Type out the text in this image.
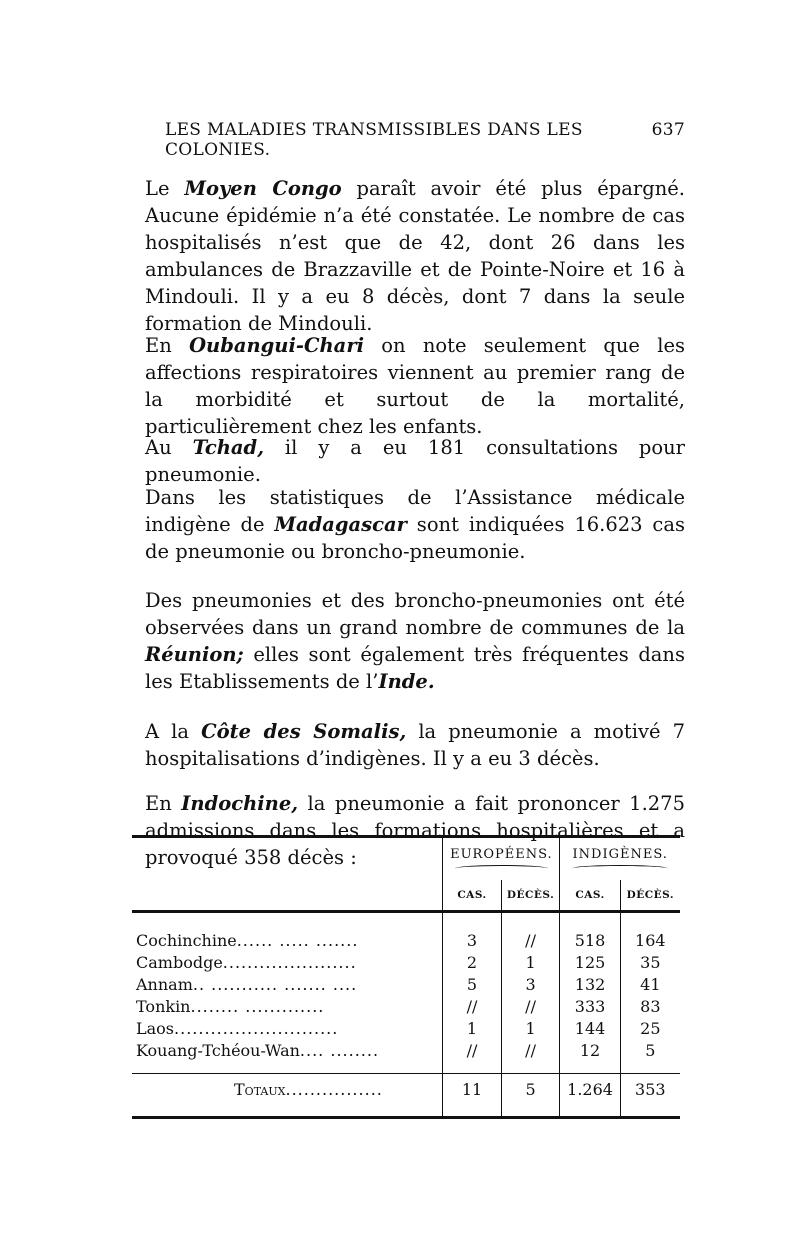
LES MALADIES TRANSMISSIBLES DANS LES COLONIES.
637

Le Moyen Congo paraît avoir été plus épargné. Aucune épidémie n’a été constatée. Le nombre de cas hospitalisés n’est que de 42, dont 26 dans les ambulances de Brazzaville et de Pointe-Noire et 16 à Mindouli. Il y a eu 8 décès, dont 7 dans la seule formation de Mindouli.

En Oubangui-Chari on note seulement que les affections respiratoires viennent au premier rang de la morbidité et surtout de la mortalité, particulièrement chez les enfants.

Au Tchad, il y a eu 181 consultations pour pneumonie.

Dans les statistiques de l’Assistance médicale indigène de Madagascar sont indiquées 16.623 cas de pneumonie ou broncho-pneumonie.

Des pneumonies et des broncho-pneumonies ont été observées dans un grand nombre de communes de la Réunion; elles sont également très fréquentes dans les Etablissements de l’Inde.

A la Côte des Somalis, la pneumonie a motivé 7 hospitalisations d’indigènes. Il y a eu 3 décès.

En Indochine, la pneumonie a fait prononcer 1.275 admissions dans les formations hospitalières et a provoqué 358 décès :

		EUROPÉENS.		INDIGÈNES.	

	CAS.	DÉCÈS.	CAS.	DÉCÈS.

Cochinchine...... ..... .......	3	//	518	164
Cambodge......................	2	1	125	35
Annam.. ........... ....... ....	5	3	132	41
Tonkin........ .............	//	//	333	83
Laos...........................	1	1	144	25
Kouang-Tchéou-Wan.... ........	//	//	12	5

Totaux................	11	5	1.264	353
